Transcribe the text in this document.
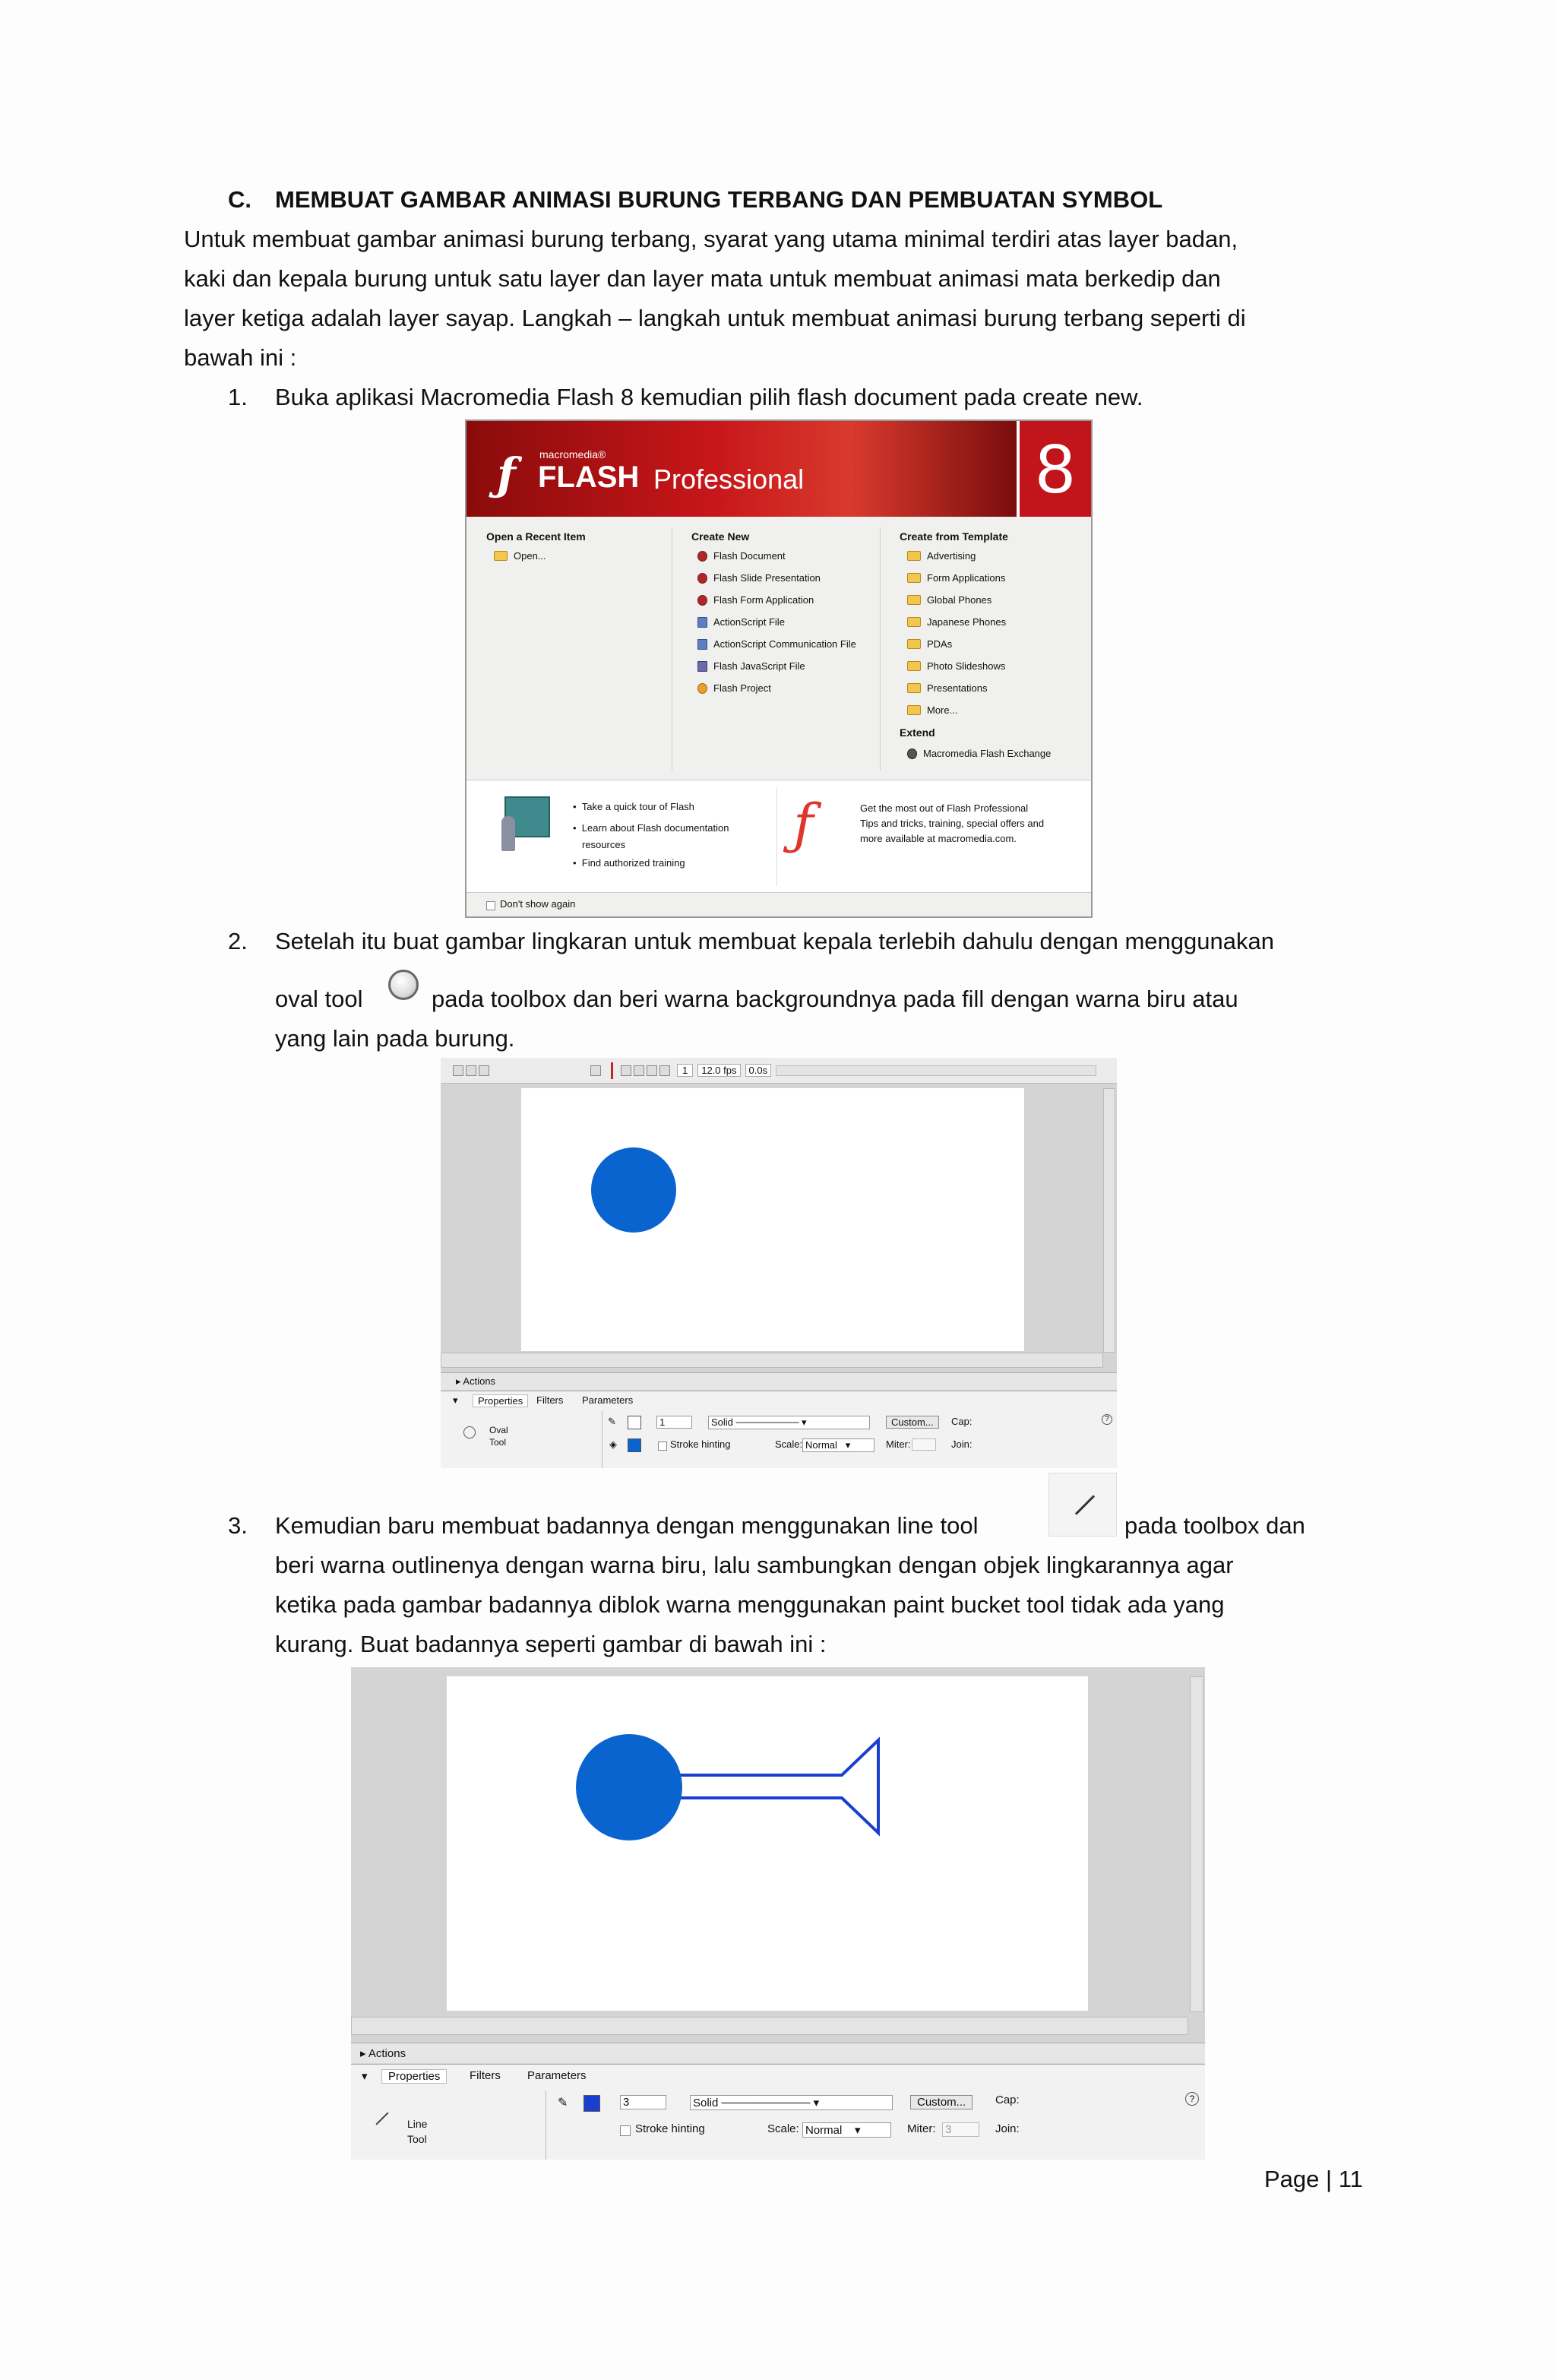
C. MEMBUAT GAMBAR ANIMASI BURUNG TERBANG DAN PEMBUATAN SYMBOL
Untuk membuat gambar animasi burung terbang, syarat yang utama minimal terdiri atas layer badan,
kaki dan kepala burung untuk satu layer dan layer mata untuk membuat animasi mata berkedip dan
layer ketiga adalah layer sayap. Langkah – langkah untuk membuat animasi burung terbang seperti di
bawah ini :
1. Buka aplikasi Macromedia Flash 8 kemudian pilih flash document pada create new.
ƒ macromedia®
FLASH Professional	8
Open a Recent Item
Open...
Create New
Flash Document
Flash Slide Presentation
Flash Form Application
ActionScript File
ActionScript Communication File
Flash JavaScript File
Flash Project
Create from Template
Advertising
Form Applications
Global Phones
Japanese Phones
PDAs
Photo Slideshows
Presentations
More...
Extend
Macromedia Flash Exchange
•  Take a quick tour of Flash
•  Learn about Flash documentation
resources
•  Find authorized training
ƒ	Get the most out of Flash Professional
Tips and tricks, training, special offers and
more available at macromedia.com.
Don't show again
2. Setelah itu buat gambar lingkaran untuk membuat kepala terlebih dahulu dengan menggunakan
oval tool	pada toolbox dan beri warna backgroundnya pada fill dengan warna biru atau
yang lain pada burung.
1	12.0 fps	0.0s
▸ Actions
▾	Properties	Filters Parameters
Oval
Tool
✎	1	Solid ───────── ▾	Custom...	Cap:	?
◈	Stroke hinting	Scale: Normal   ▾	Miter:	Join:
3. Kemudian baru membuat badannya dengan menggunakan line tool	pada toolbox dan
beri warna outlinenya dengan warna biru, lalu sambungkan dengan objek lingkarannya agar
ketika pada gambar badannya diblok warna menggunakan paint bucket tool tidak ada yang
kurang. Buat badannya seperti gambar di bawah ini :
▸ Actions
▾	Properties	Filters Parameters
Line
Tool
✎	3	Solid ─────────── ▾	Custom...	Cap:	?
Stroke hinting	Scale: Normal    ▾	Miter: 3	Join:
Page | 11
